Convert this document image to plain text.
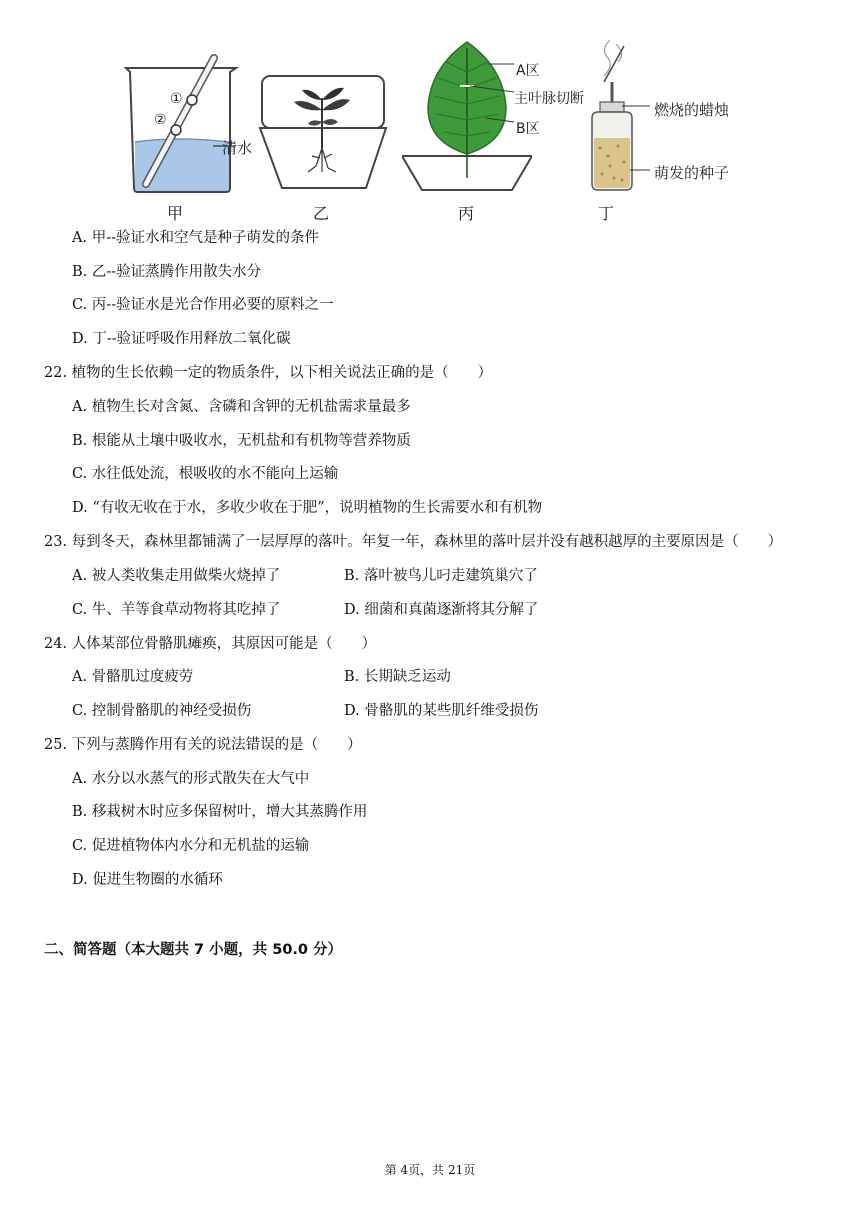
①
②
清水
甲	乙
A区
主叶脉切断
B区
丙
燃烧的蜡烛
萌发的种子
丁
A. 甲--验证水和空气是种子萌发的条件
B. 乙--验证蒸腾作用散失水分
C. 丙--验证水是光合作用必要的原料之一
D. 丁--验证呼吸作用释放二氧化碳
22. 植物的生长依赖一定的物质条件，以下相关说法正确的是（　　）
A. 植物生长对含氮、含磷和含钾的无机盐需求量最多
B. 根能从土壤中吸收水，无机盐和有机物等营养物质
C. 水往低处流，根吸收的水不能向上运输
D. “有收无收在于水，多收少收在于肥”，说明植物的生长需要水和有机物
23. 每到冬天，森林里都铺满了一层厚厚的落叶。年复一年，森林里的落叶层并没有越积越厚的主要原因是（　　）
A. 被人类收集走用做柴火烧掉了	B. 落叶被鸟儿叼走建筑巢穴了
C. 牛、羊等食草动物将其吃掉了	D. 细菌和真菌逐渐将其分解了
24. 人体某部位骨骼肌瘫痪，其原因可能是（　　）
A. 骨骼肌过度疲劳	B. 长期缺乏运动
C. 控制骨骼肌的神经受损伤	D. 骨骼肌的某些肌纤维受损伤
25. 下列与蒸腾作用有关的说法错误的是（　　）
A. 水分以水蒸气的形式散失在大气中
B. 移栽树木时应多保留树叶，增大其蒸腾作用
C. 促进植物体内水分和无机盐的运输
D. 促进生物圈的水循环
二、简答题（本大题共 7 小题，共 50.0 分）
第 4页，共 21页
